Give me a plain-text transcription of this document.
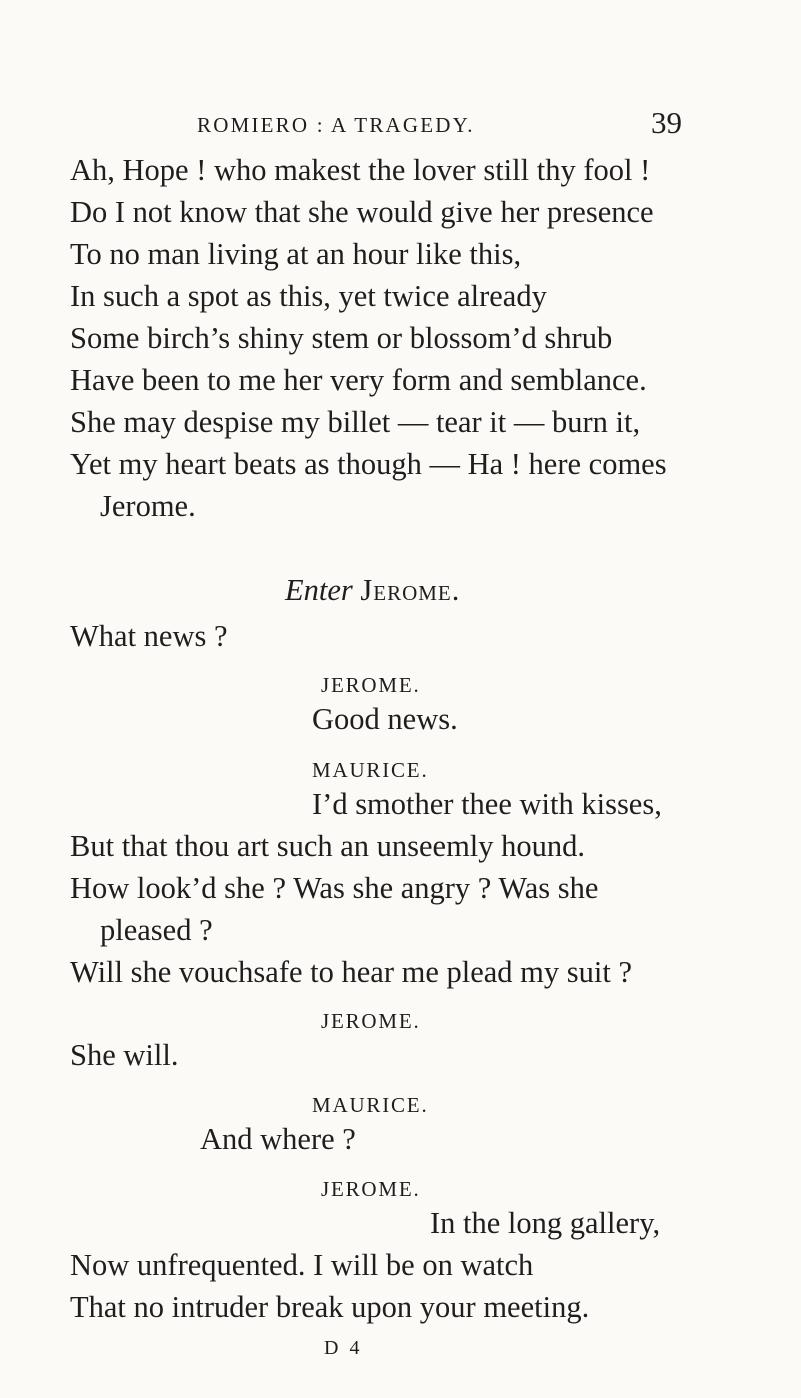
ROMIERO : A TRAGEDY.	39
Ah, Hope ! who makest the lover still thy fool !
Do I not know that she would give her presence
To no man living at an hour like this,
In such a spot as this, yet twice already
Some birch’s shiny stem or blossom’d shrub
Have been to me her very form and semblance.
She may despise my billet — tear it — burn it,
Yet my heart beats as though — Ha ! here comes
Jerome.
Enter Jerome.
What news ?
JEROME.
Good news.
MAURICE.
I’d smother thee with kisses,
But that thou art such an unseemly hound.
How look’d she ? Was she angry ? Was she
pleased ?
Will she vouchsafe to hear me plead my suit ?
JEROME.
She will.
MAURICE.
And where ?
JEROME.
In the long gallery,
Now unfrequented. I will be on watch
That no intruder break upon your meeting.
D 4
